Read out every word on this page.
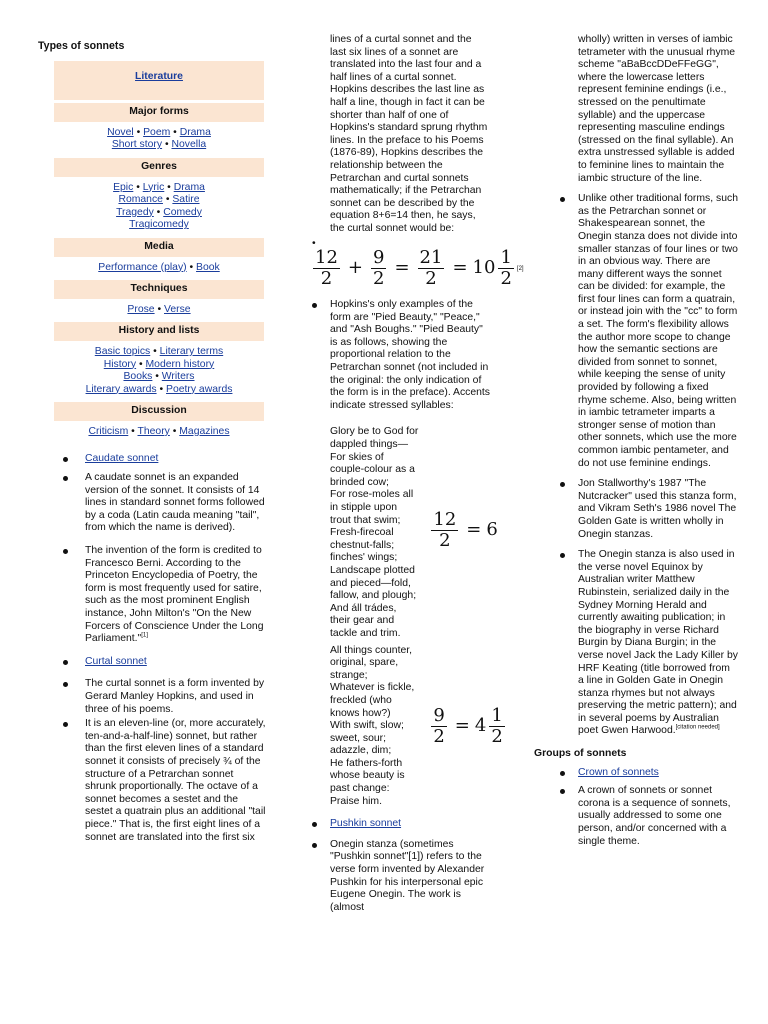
Types of sonnets
Literature
Major forms
Novel • Poem • Drama
Short story • Novella
Genres
Epic • Lyric • Drama
Romance • Satire
Tragedy • Comedy
Tragicomedy
Media
Performance (play) • Book
Techniques
Prose • Verse
History and lists
Basic topics • Literary terms
History • Modern history
Books • Writers
Literary awards • Poetry awards
Discussion
Criticism • Theory • Magazines
Caudate sonnet
A caudate sonnet is an expanded version of the sonnet. It consists of 14 lines in standard sonnet forms followed by a coda (Latin cauda meaning "tail", from which the name is derived).
The invention of the form is credited to Francesco Berni. According to the Princeton Encyclopedia of Poetry, the form is most frequently used for satire, such as the most prominent English instance, John Milton's "On the New Forcers of Conscience Under the Long Parliament."[1]
Curtal sonnet
The curtal sonnet is a form invented by Gerard Manley Hopkins, and used in three of his poems.
It is an eleven-line (or, more accurately, ten-and-a-half-line) sonnet, but rather than the first eleven lines of a standard sonnet it consists of precisely ¾ of the structure of a Petrarchan sonnet shrunk proportionally. The octave of a sonnet becomes a sestet and the sestet a quatrain plus an additional "tail piece." That is, the first eight lines of a sonnet are translated into the first six
lines of a curtal sonnet and the last six lines of a sonnet are translated into the last four and a half lines of a curtal sonnet. Hopkins describes the last line as half a line, though in fact it can be shorter than half of one of Hopkins's standard sprung rhythm lines. In the preface to his Poems (1876-89), Hopkins describes the relationship between the Petrarchan and curtal sonnets mathematically; if the Petrarchan sonnet can be described by the equation 8+6=14 then, he says, the curtal sonnet would be:
•
$\frac{12}{2} + \frac{9}{2} = \frac{21}{2} = 10 \frac{1}{2} [2]$
Hopkins's only examples of the form are "Pied Beauty," "Peace," and "Ash Boughs." "Pied Beauty" is as follows, showing the proportional relation to the Petrarchan sonnet (not included in the original: the only indication of the form is in the preface). Accents indicate stressed syllables:
Glory be to God for
dappled things—
For skies of
couple-colour as a
brinded cow;
For rose-moles all
in stipple upon
trout that swim;
Fresh-firecoal
chestnut-falls;
finches' wings;
Landscape plotted
and pieced—fold,
fallow, and plough;
And áll trádes,
their gear and
tackle and trim.
$\frac{12}{2} = 6$
All things counter,
original, spare,
strange;
Whatever is fickle,
freckled (who
knows how?)
With swift, slow;
sweet, sour;
adazzle, dim;
He fathers-forth
whose beauty is
past change:
Praise him.
$\frac{9}{2} = 4 \frac{1}{2}$
Pushkin sonnet
Onegin stanza (sometimes "Pushkin sonnet"[1]) refers to the verse form invented by Alexander Pushkin for his interpersonal epic Eugene Onegin. The work is (almost
wholly) written in verses of iambic tetrameter with the unusual rhyme scheme "aBaBccDDeFFeGG", where the lowercase letters represent feminine endings (i.e., stressed on the penultimate syllable) and the uppercase representing masculine endings (stressed on the final syllable). An extra unstressed syllable is added to feminine lines to maintain the iambic structure of the line.
Unlike other traditional forms, such as the Petrarchan sonnet or Shakespearean sonnet, the Onegin stanza does not divide into smaller stanzas of four lines or two in an obvious way. There are many different ways the sonnet can be divided: for example, the first four lines can form a quatrain, or instead join with the "cc" to form a set. The form's flexibility allows the author more scope to change how the semantic sections are divided from sonnet to sonnet, while keeping the sense of unity provided by following a fixed rhyme scheme. Also, being written in iambic tetrameter imparts a stronger sense of motion than other sonnets, which use the more common iambic pentameter, and do not use feminine endings.
Jon Stallworthy's 1987 "The Nutcracker" used this stanza form, and Vikram Seth's 1986 novel The Golden Gate is written wholly in Onegin stanzas.
The Onegin stanza is also used in the verse novel Equinox by Australian writer Matthew Rubinstein, serialized daily in the Sydney Morning Herald and currently awaiting publication; in the biography in verse Richard Burgin by Diana Burgin; in the verse novel Jack the Lady Killer by HRF Keating (title borrowed from a line in Golden Gate in Onegin stanza rhymes but not always preserving the metric pattern); and in several poems by Australian poet Gwen Harwood.[citation needed]
Groups of sonnets
Crown of sonnets
A crown of sonnets or sonnet corona is a sequence of sonnets, usually addressed to some one person, and/or concerned with a single theme.
